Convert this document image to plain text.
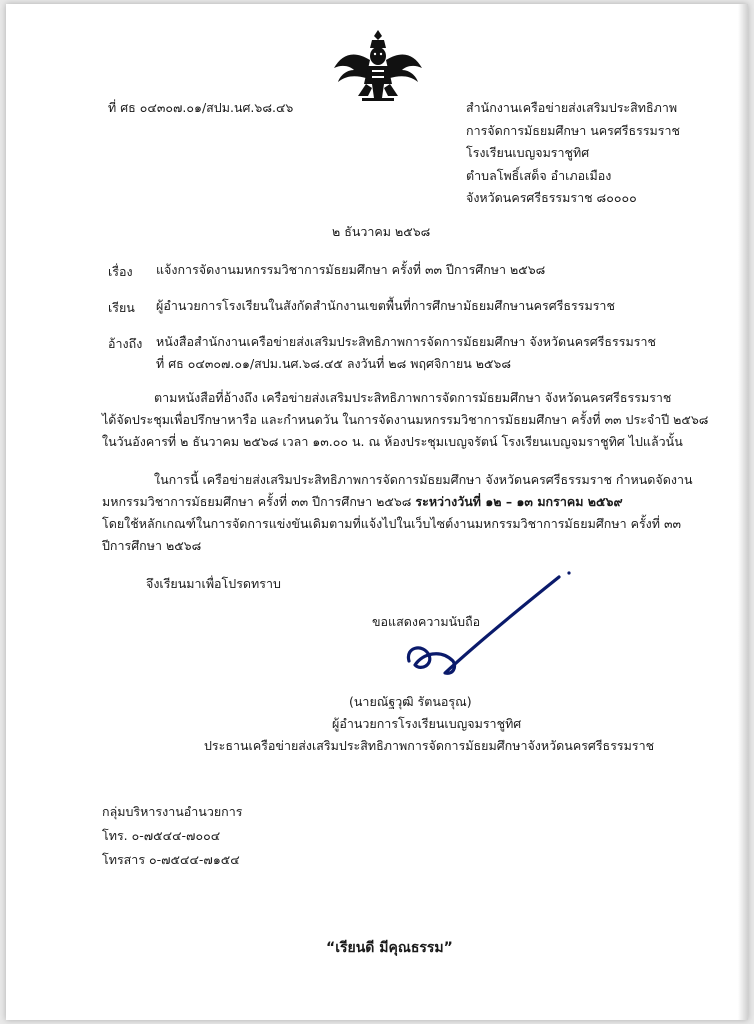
ที่ ศธ ๐๔๓๐๗.๐๑/สปม.นศ.๖๘.๔๖	สำนักงานเครือข่ายส่งเสริมประสิทธิภาพ
การจัดการมัธยมศึกษา นครศรีธรรมราช
โรงเรียนเบญจมราชูทิศ
ตำบลโพธิ์เสด็จ อำเภอเมือง
จังหวัดนครศรีธรรมราช ๘๐๐๐๐
๒ ธันวาคม ๒๕๖๘
เรื่อง แจ้งการจัดงานมหกรรมวิชาการมัธยมศึกษา ครั้งที่ ๓๓ ปีการศึกษา ๒๕๖๘
เรียน ผู้อำนวยการโรงเรียนในสังกัดสำนักงานเขตพื้นที่การศึกษามัธยมศึกษานครศรีธรรมราช
อ้างถึง หนังสือสำนักงานเครือข่ายส่งเสริมประสิทธิภาพการจัดการมัธยมศึกษา จังหวัดนครศรีธรรมราช
ที่ ศธ ๐๔๓๐๗.๐๑/สปม.นศ.๖๘.๔๕ ลงวันที่ ๒๘ พฤศจิกายน ๒๕๖๘
ตามหนังสือที่อ้างถึง เครือข่ายส่งเสริมประสิทธิภาพการจัดการมัธยมศึกษา จังหวัดนครศรีธรรมราช
ได้จัดประชุมเพื่อปรึกษาหารือ และกำหนดวัน ในการจัดงานมหกรรมวิชาการมัธยมศึกษา ครั้งที่ ๓๓ ประจำปี ๒๕๖๘
ในวันอังคารที่ ๒ ธันวาคม ๒๕๖๘ เวลา ๑๓.๐๐ น. ณ ห้องประชุมเบญจรัตน์ โรงเรียนเบญจมราชูทิศ ไปแล้วนั้น
ในการนี้ เครือข่ายส่งเสริมประสิทธิภาพการจัดการมัธยมศึกษา จังหวัดนครศรีธรรมราช กำหนดจัดงาน
มหกรรมวิชาการมัธยมศึกษา ครั้งที่ ๓๓ ปีการศึกษา ๒๕๖๘ ระหว่างวันที่ ๑๒ – ๑๓ มกราคม ๒๕๖๙
โดยใช้หลักเกณฑ์ในการจัดการแข่งขันเดิมตามที่แจ้งไปในเว็บไซต์งานมหกรรมวิชาการมัธยมศึกษา ครั้งที่ ๓๓
ปีการศึกษา ๒๕๖๘
จึงเรียนมาเพื่อโปรดทราบ
ขอแสดงความนับถือ
(นายณัฐวุฒิ รัตนอรุณ)
ผู้อำนวยการโรงเรียนเบญจมราชูทิศ
ประธานเครือข่ายส่งเสริมประสิทธิภาพการจัดการมัธยมศึกษาจังหวัดนครศรีธรรมราช
กลุ่มบริหารงานอำนวยการ
โทร. ๐-๗๕๔๔-๗๐๐๔
โทรสาร ๐-๗๕๔๔-๗๑๕๔
“เรียนดี มีคุณธรรม”
